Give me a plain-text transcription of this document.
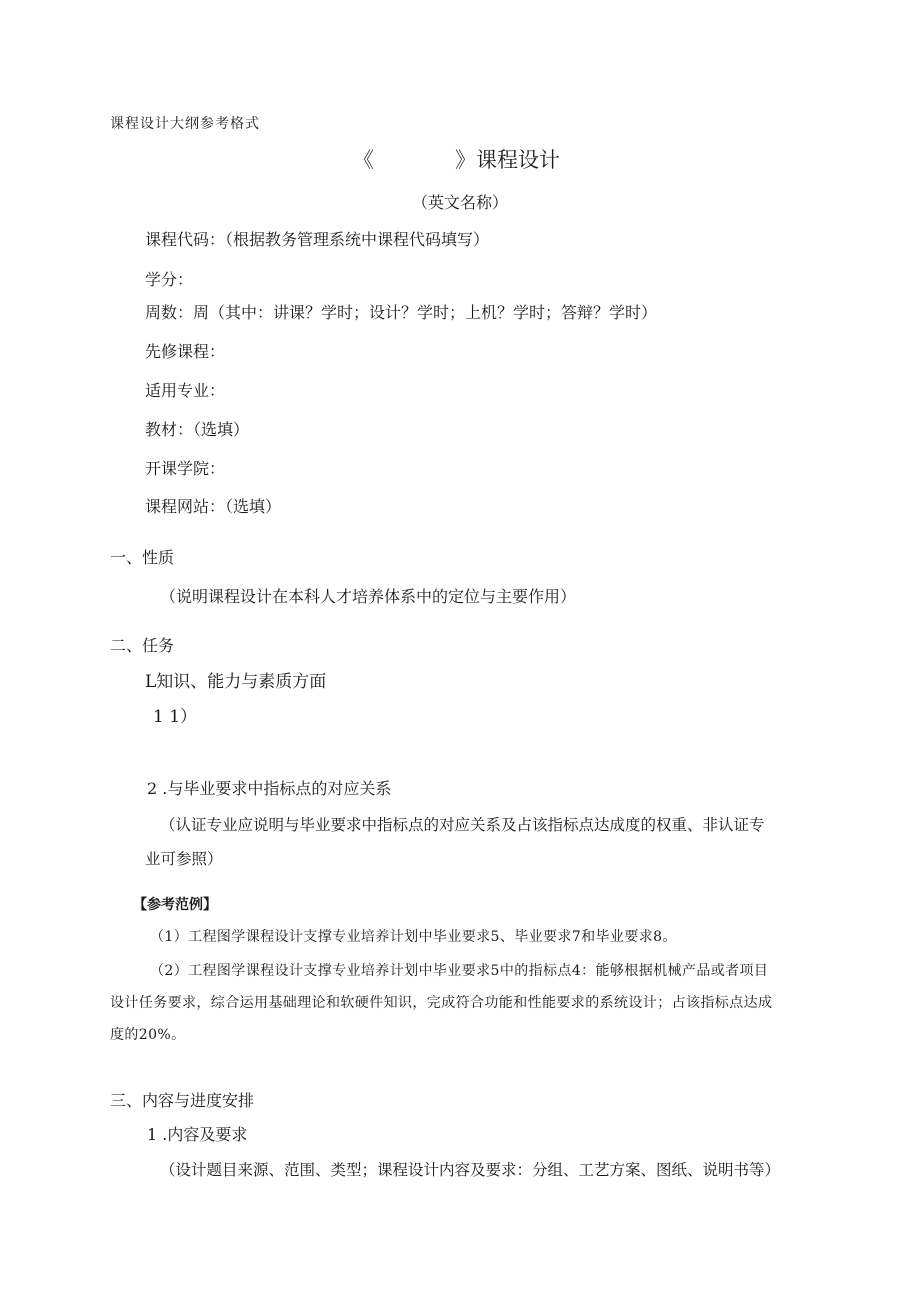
课程设计大纲参考格式
《	》课程设计
（英文名称）
课程代码：（根据教务管理系统中课程代码填写）
学分：
周数：周（其中：讲课？学时；设计？学时；上机？学时；答辩？学时）
先修课程：
适用专业：
教材：（选填）
开课学院：
课程网站：（选填）
一、性质
（说明课程设计在本科人才培养体系中的定位与主要作用）
二、任务
L知识、能力与素质方面
1 1）
2 .与毕业要求中指标点的对应关系
（认证专业应说明与毕业要求中指标点的对应关系及占该指标点达成度的权重、非认证专
业可参照）
【参考范例】
（1）工程图学课程设计支撑专业培养计划中毕业要求5、毕业要求7和毕业要求8。
（2）工程图学课程设计支撑专业培养计划中毕业要求5中的指标点4：能够根据机械产品或者项目
设计任务要求，综合运用基础理论和软硬件知识，完成符合功能和性能要求的系统设计；占该指标点达成
度的20%。
三、内容与进度安排
1 .内容及要求
（设计题目来源、范围、类型；课程设计内容及要求：分组、工艺方案、图纸、说明书等）
